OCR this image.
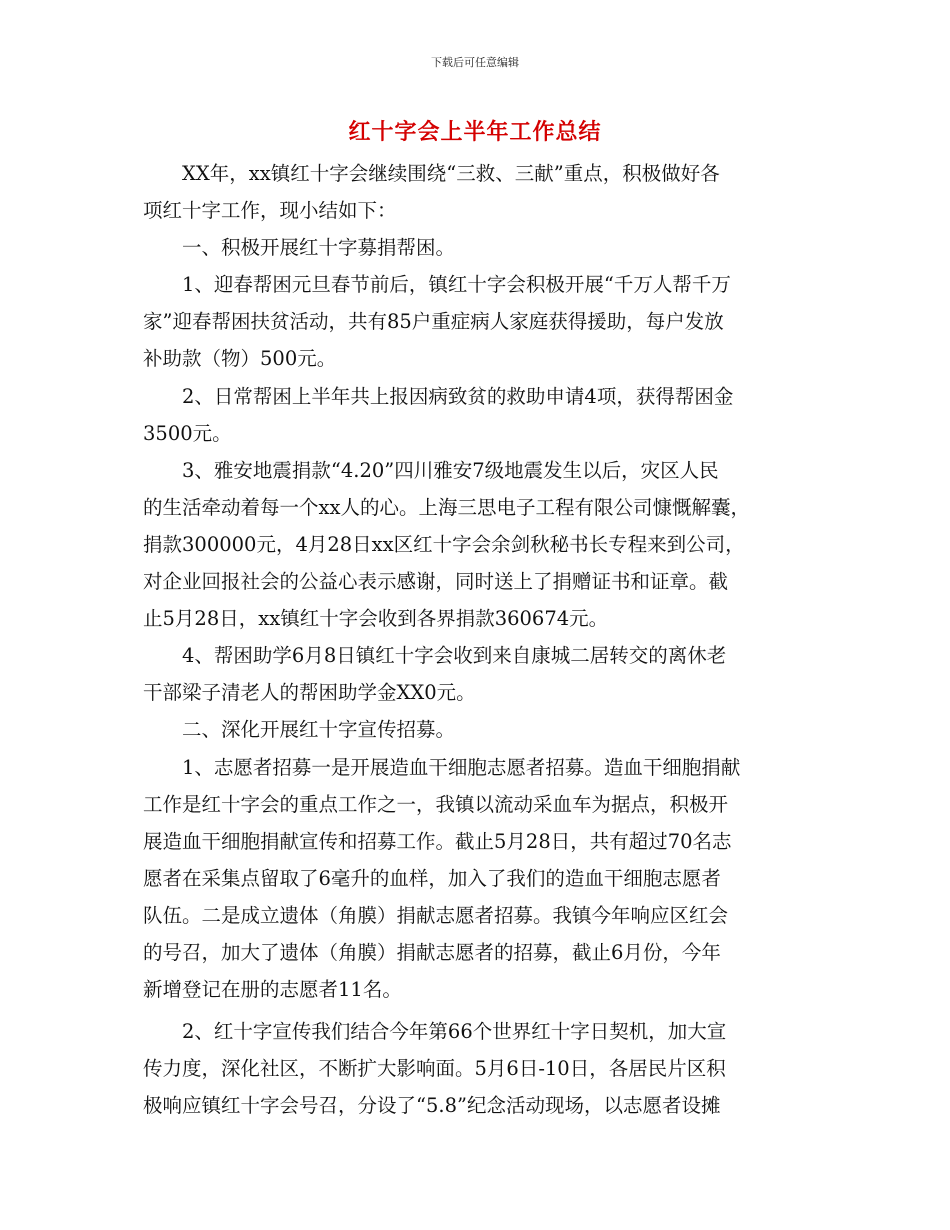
下载后可任意编辑
红十字会上半年工作总结
XX年，xx镇红十字会继续围绕“三救、三献”重点，积极做好各
项红十字工作，现小结如下：
一、积极开展红十字募捐帮困。
1、迎春帮困元旦春节前后，镇红十字会积极开展“千万人帮千万
家”迎春帮困扶贫活动，共有85户重症病人家庭获得援助，每户发放
补助款（物）500元。
2、日常帮困上半年共上报因病致贫的救助申请4项，获得帮困金
3500元。
3、雅安地震捐款“4.20”四川雅安7级地震发生以后，灾区人民
的生活牵动着每一个xx人的心。上海三思电子工程有限公司慷慨解囊，
捐款300000元，4月28日xx区红十字会余剑秋秘书长专程来到公司，
对企业回报社会的公益心表示感谢，同时送上了捐赠证书和证章。截
止5月28日，xx镇红十字会收到各界捐款360674元。
4、帮困助学6月8日镇红十字会收到来自康城二居转交的离休老
干部梁子清老人的帮困助学金XX0元。
二、深化开展红十字宣传招募。
1、志愿者招募一是开展造血干细胞志愿者招募。造血干细胞捐献
工作是红十字会的重点工作之一，我镇以流动采血车为据点，积极开
展造血干细胞捐献宣传和招募工作。截止5月28日，共有超过70名志
愿者在采集点留取了6毫升的血样，加入了我们的造血干细胞志愿者
队伍。二是成立遗体（角膜）捐献志愿者招募。我镇今年响应区红会
的号召，加大了遗体（角膜）捐献志愿者的招募，截止6月份，今年
新增登记在册的志愿者11名。
2、红十字宣传我们结合今年第66个世界红十字日契机，加大宣
传力度，深化社区，不断扩大影响面。5月6日-10日，各居民片区积
极响应镇红十字会号召，分设了“5.8”纪念活动现场，以志愿者设摊
